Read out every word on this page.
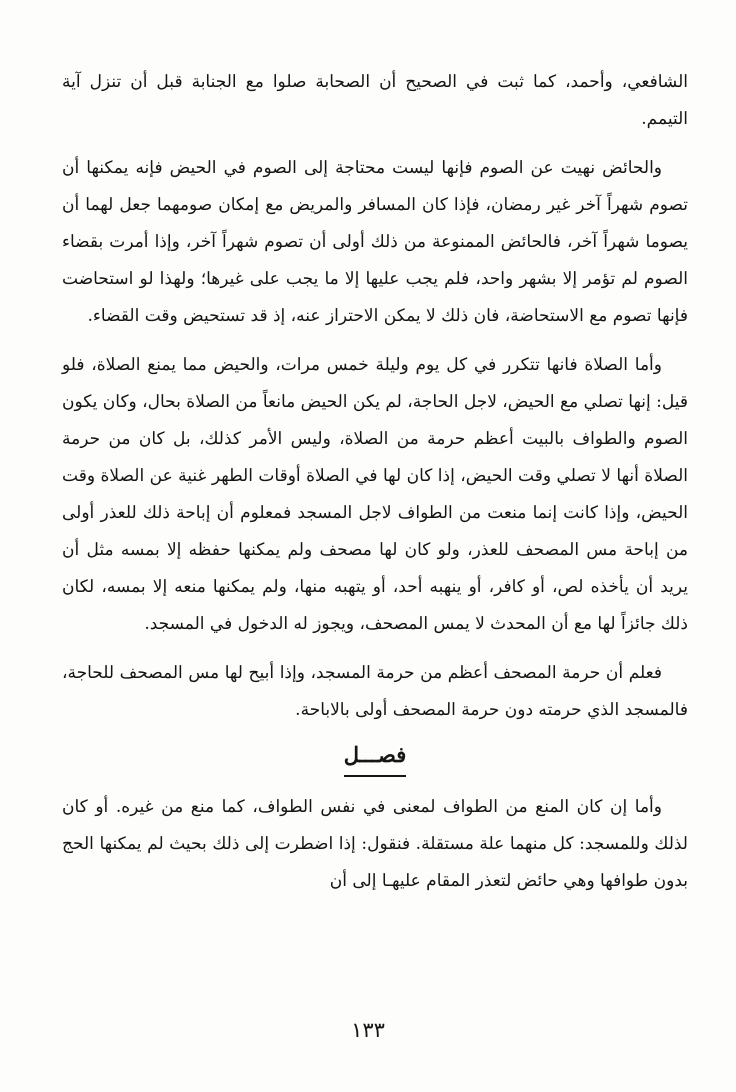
الشافعي، وأحمد، كما ثبت في الصحيح أن الصحابة صلوا مع الجنابة قبل أن تنزل آية التيمم.

والحائض نهيت عن الصوم فإنها ليست محتاجة إلى الصوم في الحيض فإنه يمكنها أن تصوم شهراً آخر غير رمضان، فإذا كان المسافر والمريض مع إمكان صومهما جعل لهما أن يصوما شهراً آخر، فالحائض الممنوعة من ذلك أولى أن تصوم شهراً آخر، وإذا أمرت بقضاء الصوم لم تؤمر إلا بشهر واحد، فلم يجب عليها إلا ما يجب على غيرها؛ ولهذا لو استحاضت فإنها تصوم مع الاستحاضة، فان ذلك لا يمكن الاحتراز عنه، إذ قد تستحيض وقت القضاء.

وأما الصلاة فانها تتكرر في كل يوم وليلة خمس مرات، والحيض مما يمنع الصلاة، فلو قيل: إنها تصلي مع الحيض، لاجل الحاجة، لم يكن الحيض مانعاً من الصلاة بحال، وكان يكون الصوم والطواف بالبيت أعظم حرمة من الصلاة، وليس الأمر كذلك، بل كان من حرمة الصلاة أنها لا تصلي وقت الحيض، إذا كان لها في الصلاة أوقات الطهر غنية عن الصلاة وقت الحيض، وإذا كانت إنما منعت من الطواف لاجل المسجد فمعلوم أن إباحة ذلك للعذر أولى من إباحة مس المصحف للعذر، ولو كان لها مصحف ولم يمكنها حفظه إلا بمسه مثل أن يريد أن يأخذه لص، أو كافر، أو ينهبه أحد، أو يتهبه منها، ولم يمكنها منعه إلا بمسه، لكان ذلك جائزاً لها مع أن المحدث لا يمس المصحف، ويجوز له الدخول في المسجد.

فعلم أن حرمة المصحف أعظم من حرمة المسجد، وإذا أبيح لها مس المصحف للحاجة، فالمسجد الذي حرمته دون حرمة المصحف أولى بالاباحة.

فصـــل

وأما إن كان المنع من الطواف لمعنى في نفس الطواف، كما منع من غيره. أو كان لذلك وللمسجد: كل منهما علة مستقلة. فنقول: إذا اضطرت إلى ذلك بحيث لم يمكنها الحج بدون طوافها وهي حائض لتعذر المقام عليهـا إلى أن

١٣٣
